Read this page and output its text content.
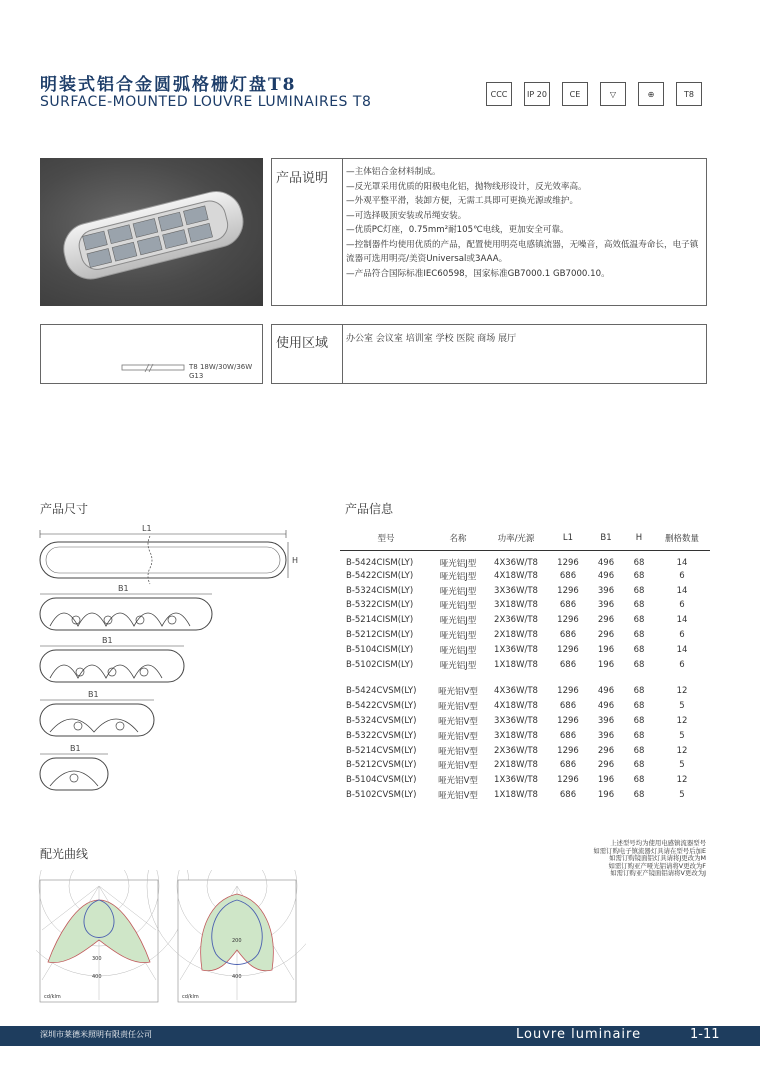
明装式铝合金圆弧格栅灯盘T8
SURFACE-MOUNTED LOUVRE LUMINAIRES T8	CCC	IP 20	CE	▽	⊕	T8
产品说明 —主体铝合金材料制成。
—反光罩采用优质的阳极电化铝，抛物线形设计，反光效率高。
—外观平整平滑，装卸方便，无需工具即可更换光源或维护。
—可选择吸顶安装或吊绳安装。
—优质PC灯座，0.75mm²耐105℃电线，更加安全可靠。
—控制器件均使用优质的产品，配置使用明亮电感镇流器，无噪音，高效低温寿命长，电子镇流器可选用明亮/美资Universal或3AAA。
—产品符合国际标准IEC60598，国家标准GB7000.1 GB7000.10。
T8 18W/30W/36W
G13
使用区域 办公室 会议室 培训室 学校 医院 商场 展厅
产品尺寸
L1
H
B1
B1
B1
B1
产品信息
型号	名称	功率/光源	L1	B1	H	删格数量
B-5424CISM(LY)	哑光铝J型	4X36W/T8	1296	496	68	14
B-5422CISM(LY)	哑光铝J型	4X18W/T8	686	496	68	6
B-5324CISM(LY)	哑光铝J型	3X36W/T8	1296	396	68	14
B-5322CISM(LY)	哑光铝J型	3X18W/T8	686	396	68	6
B-5214CISM(LY)	哑光铝J型	2X36W/T8	1296	296	68	14
B-5212CISM(LY)	哑光铝J型	2X18W/T8	686	296	68	6
B-5104CISM(LY)	哑光铝J型	1X36W/T8	1296	196	68	14
B-5102CISM(LY)	哑光铝J型	1X18W/T8	686	196	68	6

B-5424CVSM(LY)	哑光铝V型	4X36W/T8	1296	496	68	12
B-5422CVSM(LY)	哑光铝V型	4X18W/T8	686	496	68	5
B-5324CVSM(LY)	哑光铝V型	3X36W/T8	1296	396	68	12
B-5322CVSM(LY)	哑光铝V型	3X18W/T8	686	396	68	5
B-5214CVSM(LY)	哑光铝V型	2X36W/T8	1296	296	68	12
B-5212CVSM(LY)	哑光铝V型	2X18W/T8	686	296	68	5
B-5104CVSM(LY)	哑光铝V型	1X36W/T8	1296	196	68	12
B-5102CVSM(LY)	哑光铝V型	1X18W/T8	686	196	68	5
上述型号均为使用电感镇流器型号
如需订购电子镇流器灯具请在型号后加E
如需订购镜面铝灯具请将J更改为M
如需订购亚产哑光铝请将V更改为F
如需订购亚产镜面铝请将V更改为J
配光曲线
300
400
cd/klm
200
400
cd/klm
深圳市莱德米照明有限责任公司	Louvre luminaire	1-11
